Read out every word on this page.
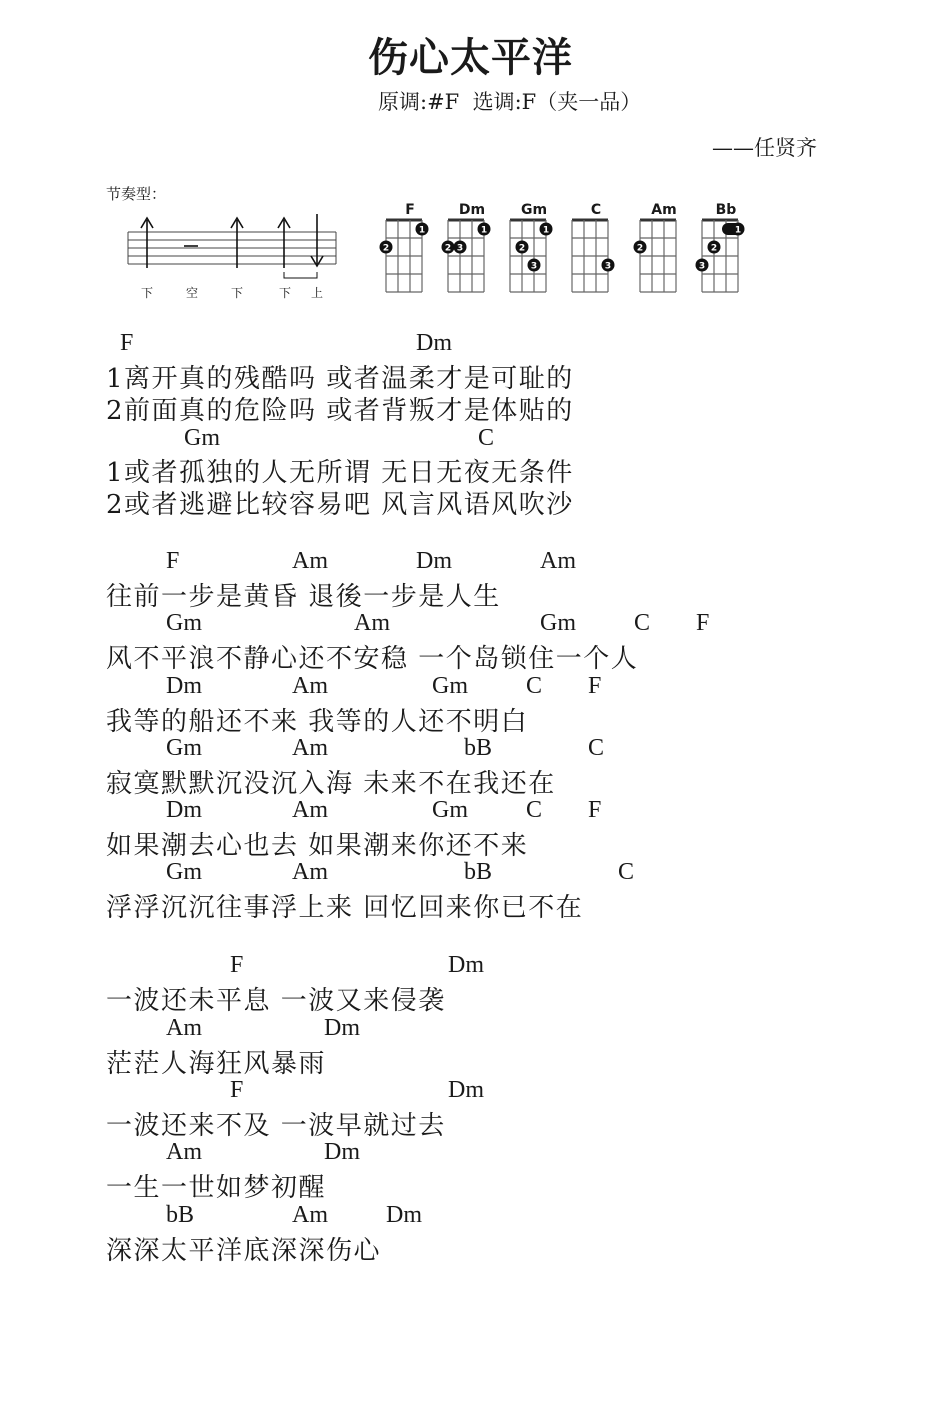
伤心太平洋
原调:#F  选调:F（夹一品）
——任贤齐
节奏型：
下	空	下	下 上
F	Dm	Gm	C	Am	Bb
2
1
2 3
1
2
3
1
3
2
3
2
1
F	Dm
1离开真的残酷吗 或者温柔才是可耻的
2前面真的危险吗 或者背叛才是体贴的
Gm	C
1或者孤独的人无所谓 无日无夜无条件
2或者逃避比较容易吧 风言风语风吹沙
F	Am	Dm	Am
Gm	Am	Gm C F
Dm	Am	Gm C F
Gm	Am	bB	C
Dm	Am	Gm C F
Gm	Am	bB	C
F	Dm
Am	Dm
F	Dm
Am	Dm
bB	Am Dm
往前一步是黄昏 退後一步是人生
风不平浪不静心还不安稳 一个岛锁住一个人
我等的船还不来 我等的人还不明白
寂寞默默沉没沉入海 未来不在我还在
如果潮去心也去 如果潮来你还不来
浮浮沉沉往事浮上来 回忆回来你已不在
一波还未平息 一波又来侵袭
茫茫人海狂风暴雨
一波还来不及 一波早就过去
一生一世如梦初醒
深深太平洋底深深伤心
